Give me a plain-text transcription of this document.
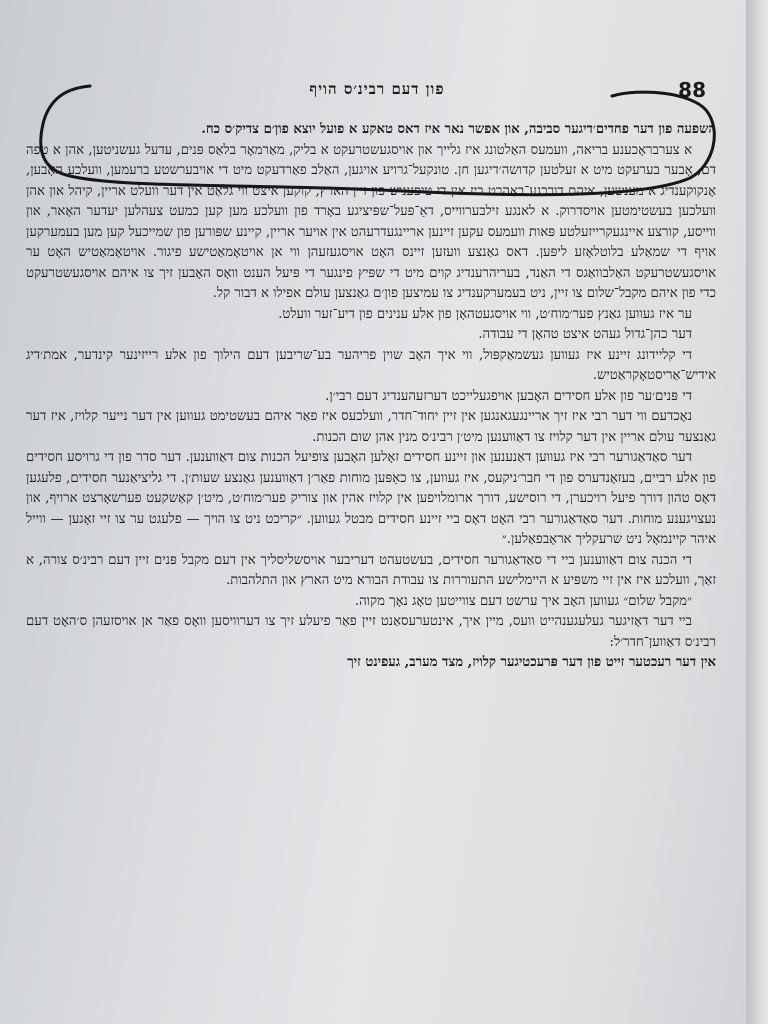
88
פון דעם רבינ׳ס הויף

השפעה פון דער פחדים׳דיגער סביבה, און אפשר נאר איז דאס טאקע א פועל יוצא פון׳ם צדיק׳ס כח.

א צערבראָכענע בריאה, וועמעס האַלטונג איז גלייך און אויסגעשטרעקט א בליק, מאַרמאָר בלאַס פּנים, עדעל געשניטען, אהן א טפה דם, אָבער בערעקט מיט א זעלטען קדושה׳דיגען חן. טונקעל־גרויע אויגען, האַלב פאַרדעקט מיט די אויבערשטע ברעמען, וועלכע האָבען, אָנקוקענדיג א מענשען, איהם דורכגע־באַהרט ביז אין די טיפעניש פון זיין הארץ, קוקען איצט ווי גלאַט אין דער וועלט אריין, קיהל און אהן וועלכען בעשטימטען אויסדרוק. א לאנגע זילבערווייס, דאַ־פּעל־שפּיציגע באָרד פון וועלכע מען קען כמעט צעהלען יעדער האָאר, און ווייסע, קורצע איינגעקרייזעלטע פּאות וועמעס עקען זיינען אריינגעדרעהט אין אויער אריין, קיינע שפּורען פון שמייכעל קען מען בעמערקען אויף די שמאַלע בלוטלאָזע ליפּען. דאס גאַנצע וועזען זיינס האָט אויסגעזעהן ווי אן אויטאָמאַטישע פיגור. אויטאָמאַטיש האָט ער אויסגעשטרעקט האַלבוואַגס די האַנד, בעריהרענדיג קוים מיט די שפּיץ פינגער די פּיעל הענט וואָס האָבען זיך צו איהם אויסגעשטרעקט כדי פון איהם מקבל־שלום צו זיין, ניט בעמערקענדיג צו עמיצען פון׳ם גאַנצען עולם אפילו א דבור קל.

ער איז געווען גאַנץ פער׳מוח׳ט, ווי אויסגעטהאָן פון אלע ענינים פון דיע־זער וועלט.

דער כהן־גדול געהט איצט טהאָן די עבודה.

די קליידונג זיינע איז געווען געשמאַקפּול, ווי איך האָב שוין פריהער בע־שריבען דעם הילוך פון אלע רייזינער קינדער, אמת׳דיג אידיש־אַריסטאָקראַטיש.

די פּנים׳ער פון אלע חסידים האָבען אויפגעלייכט דערזעהענדיג דעם רבי׳ן.

נאָכדעם ווי דער רבי איז זיך אריינגעגאנגען אין זיין יחוד־חדר, וועלכעס איז פאַר איהם בעשטימט געווען אין דער נייער קלויז, איז דער גאַנצער עולם אריין אין דער קלויז צו דאַווענען מיט׳ן רבינ׳ס מנין אהן שום הכנות.

דער סאַדאַגורער רבי איז געווען דאַנענען און זיינע חסידים זאָלען האָבען צופיעל הכנות צום דאַווענען. דער סדר פון די גרויסע חסידים פון אלע רביים, בעזאָנדערס פון די חבר׳ניקעס, איז געווען, צו כאַפּען מוחות פאַר׳ן דאַווענען גאַנצע שעות׳ן. די גליציאַנער חסידים, פלעגען דאָס טהון דורך פיעל רויכערן, די רוסישע, דורך ארומלויפען אין קלויז אהין און צוריק פער׳מוח׳ט, מיט׳ן קאַשקעט פערשאָרצט ארויף, און נעצויגענע מוחות. דער סאַדאַגורער רבי האָט דאָס ביי זיינע חסידים מבטל געווען. ״קריכט ניט צו הויך — פלעגט ער צו זיי זאָגען — ווייל איהר קיינמאָל ניט שרעקליך אראָבפאַלען.״

די הכנה צום דאַווענען ביי די סאַדאַגורער חסידים, בעשטעהט דעריבער אויסשליסליך אין דעם מקבל פּנים זיין דעם רבינ׳ס צורה, א זאַך, וועלכע איז אין זיי משפּיע א היימלישע התעוררות צו עבודת הבורא מיט הארץ און התלהבות.

״מקבל שלום״ געווען האָב איך ערשט דעם צווייטען טאָג נאָך מקוה.

ביי דער דאָזיגער געלעגענהייט וועס, מיין איך, אינטערעסאַנט זיין פאַר פיעלע זיך צו דערוויסען וואָס פאַר אן אויסזעהן ס׳האָט דעם רבינ׳ס דאַווען־חדר׳ל:

אין דער רעכטער זייט פון דער פּרעכטיגער קלויז, מצד מערב, געפינט זיך
